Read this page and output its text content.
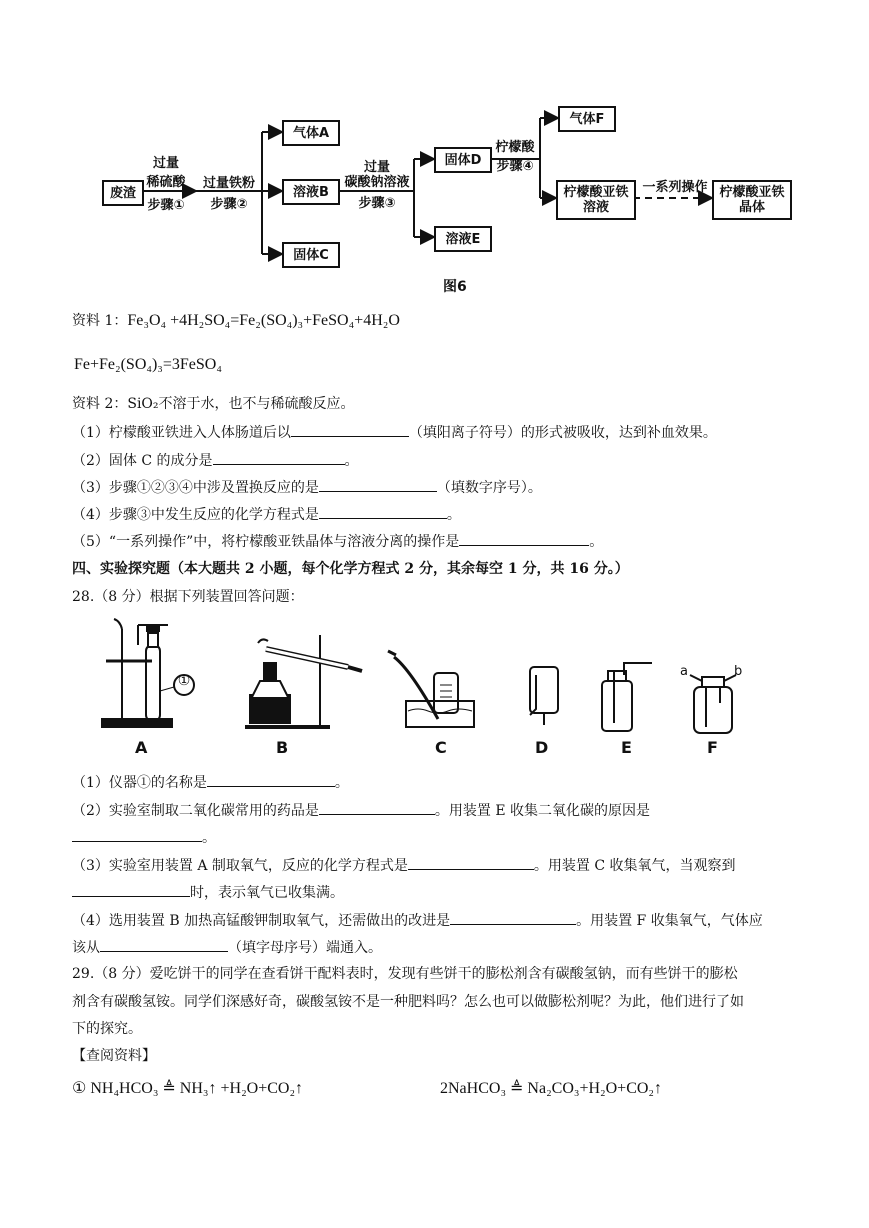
废渣
过量
稀硫酸
步骤①
过量铁粉
步骤②
气体A
溶液B
固体C
过量
碳酸钠溶液
步骤③
固体D
溶液E
柠檬酸
步骤④
气体F
柠檬酸亚铁
溶液
一系列操作 柠檬酸亚铁
晶体
图6
资料 1：Fe₃O₄ +4H₂SO₄=Fe₂(SO₄)₃+FeSO₄+4H₂O
Fe+Fe₂(SO₄)₃=3FeSO₄
资料 2：SiO₂不溶于水，也不与稀硫酸反应。
（1）柠檬酸亚铁进入人体肠道后以	（填阳离子符号）的形式被吸收，达到补血效果。
（2）固体 C 的成分是	。
（3）步骤①②③④中涉及置换反应的是	（填数字序号）。
（4）步骤③中发生反应的化学方程式是	。
（5）“一系列操作”中，将柠檬酸亚铁晶体与溶液分离的操作是	。
四、实验探究题（本大题共 2 小题，每个化学方程式 2 分，其余每空 1 分，共 16 分。）
28.（8 分）根据下列装置回答问题：
①
a	b
A	B	C	D	E	F
（1）仪器①的名称是	。
（2）实验室制取二氧化碳常用的药品是	。用装置 E 收集二氧化碳的原因是
。
（3）实验室用装置 A 制取氧气，反应的化学方程式是	。用装置 C 收集氧气，当观察到
时，表示氧气已收集满。
（4）选用装置 B 加热高锰酸钾制取氧气，还需做出的改进是	。用装置 F 收集氧气，气体应
该从	（填字母序号）端通入。
29.（8 分）爱吃饼干的同学在查看饼干配料表时，发现有些饼干的膨松剂含有碳酸氢钠，而有些饼干的膨松
剂含有碳酸氢铵。同学们深感好奇，碳酸氢铵不是一种肥料吗？怎么也可以做膨松剂呢？为此，他们进行了如
下的探究。
【查阅资料】
① NH₄HCO₃ ≜ NH₃↑ +H₂O+CO₂↑	2NaHCO₃ ≜ Na₂CO₃+H₂O+CO₂↑
